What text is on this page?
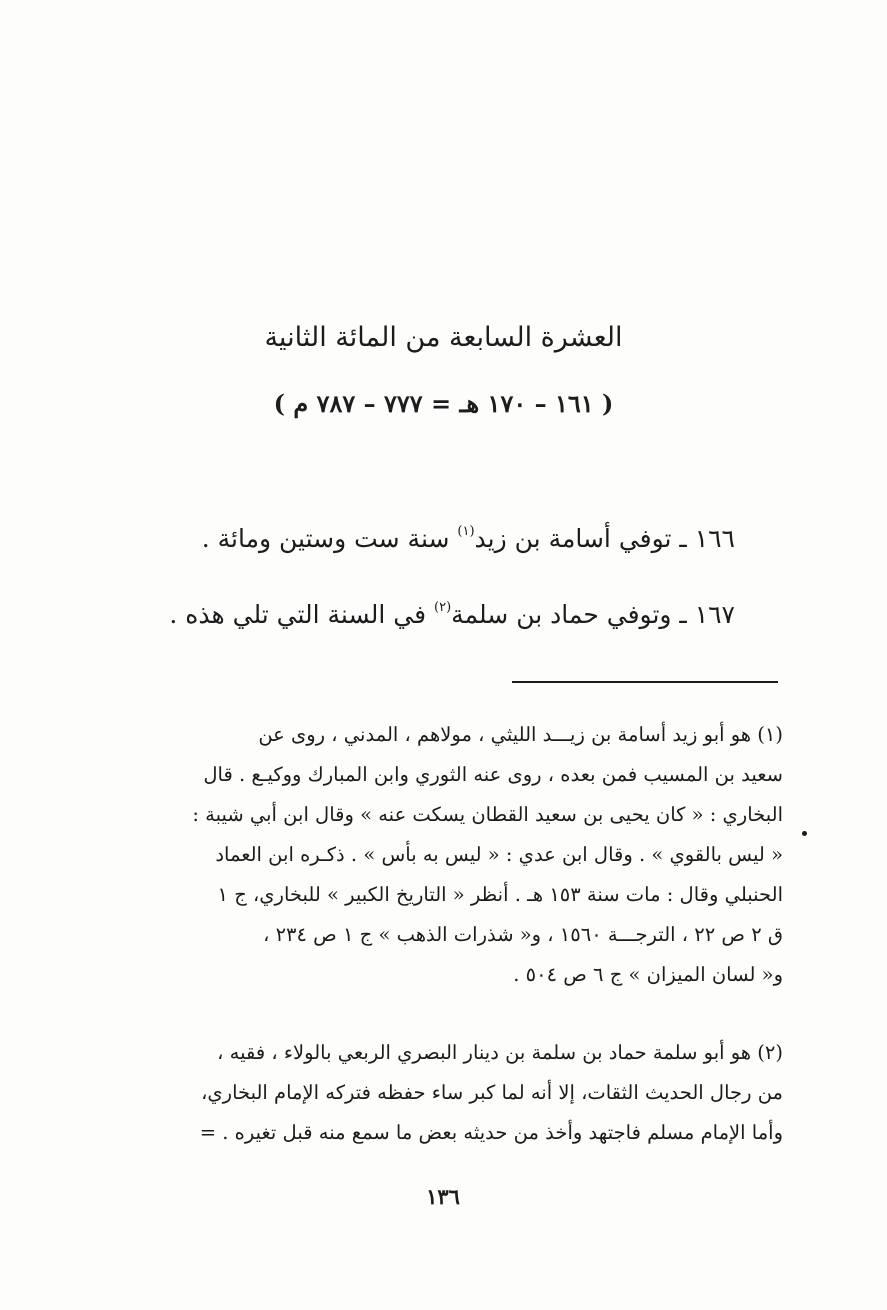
العشرة السابعة من المائة الثانية
( ١٦١ – ١٧٠ هـ = ٧٧٧ – ٧٨٧ م )
١٦٦ ـ توفي أسامة بن زيد$^{(١)}$ سنة ست وستين ومائة .
١٦٧ ـ وتوفي حماد بن سلمة$^{(٢)}$ في السنة التي تلي هذه .
(١) هو أبو زيد أسامة بن زيـــد الليثي ، مولاهم ، المدني ، روى عن
سعيد بن المسيب فمن بعده ، روى عنه الثوري وابن المبارك ووكيـع . قال
البخاري : « كان يحيى بن سعيد القطان يسكت عنه » وقال ابن أبي شيبة :
« ليس بالقوي » . وقال ابن عدي : « ليس به بأس » . ذكـره ابن العماد
الحنبلي وقال : مات سنة ١٥٣ هـ . أنظر « التاريخ الكبير » للبخاري، ج ١
ق ٢ ص ٢٢ ، الترجـــة ١٥٦٠ ، و« شذرات الذهب » ج ١ ص ٢٣٤ ،
و« لسان الميزان » ج ٦ ص ٥٠٤ .
(٢) هو أبو سلمة حماد بن سلمة بن دينار البصري الربعي بالولاء ، فقيه ،
من رجال الحديث الثقات، إلا أنه لما كبر ساء حفظه فتركه الإمام البخاري،
وأما الإمام مسلم فاجتهد وأخذ من حديثه بعض ما سمع منه قبل تغيره . =
١٣٦
